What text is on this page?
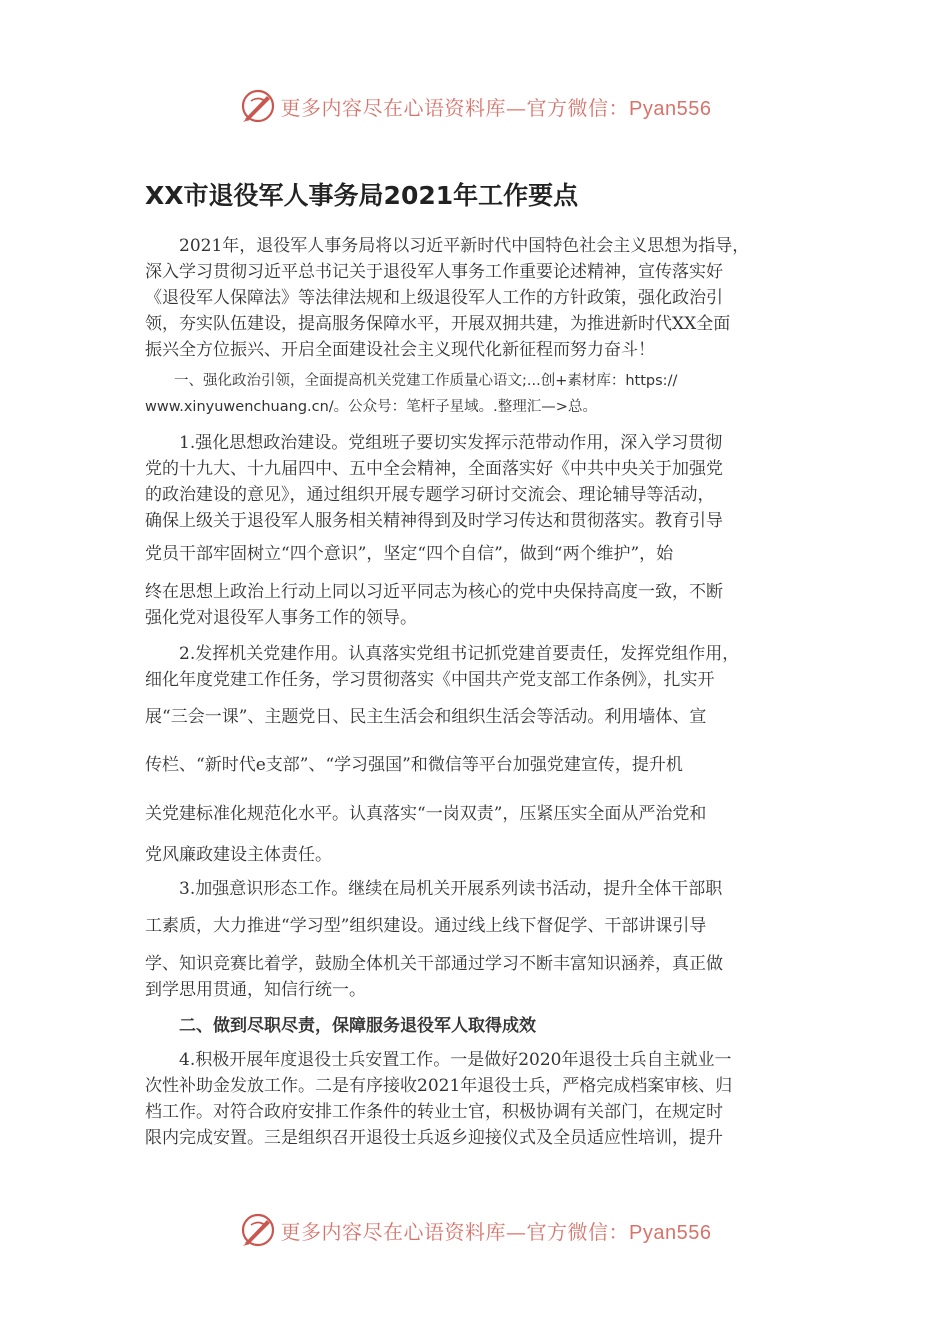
更多内容尽在心语资料库—官方微信：Pyan556
XX市退役军人事务局2021年工作要点
　　2021年，退役军人事务局将以习近平新时代中国特色社会主义思想为指导，
深入学习贯彻习近平总书记关于退役军人事务工作重要论述精神，宣传落实好
《退役军人保障法》等法律法规和上级退役军人工作的方针政策，强化政治引
领，夯实队伍建设，提高服务保障水平，开展双拥共建，为推进新时代XX全面
振兴全方位振兴、开启全面建设社会主义现代化新征程而努力奋斗！
　　一、强化政治引领，全面提高机关党建工作质量心语文;...创+素材库：https://
www.xinyuwenchuang.cn/。公众号：笔杆子星域。.整理汇—>总。
　　1.强化思想政治建设。党组班子要切实发挥示范带动作用，深入学习贯彻
党的十九大、十九届四中、五中全会精神，全面落实好《中共中央关于加强党
的政治建设的意见》，通过组织开展专题学习研讨交流会、理论辅导等活动，
确保上级关于退役军人服务相关精神得到及时学习传达和贯彻落实。教育引导
党员干部牢固树立“四个意识”，坚定“四个自信”，做到“两个维护”，始
终在思想上政治上行动上同以习近平同志为核心的党中央保持高度一致，不断
强化党对退役军人事务工作的领导。
　　2.发挥机关党建作用。认真落实党组书记抓党建首要责任，发挥党组作用，
细化年度党建工作任务，学习贯彻落实《中国共产党支部工作条例》，扎实开
展“三会一课”、主题党日、民主生活会和组织生活会等活动。利用墙体、宣
传栏、“新时代e支部”、“学习强国”和微信等平台加强党建宣传，提升机
关党建标准化规范化水平。认真落实“一岗双责”，压紧压实全面从严治党和
党风廉政建设主体责任。
　　3.加强意识形态工作。继续在局机关开展系列读书活动，提升全体干部职
工素质，大力推进“学习型”组织建设。通过线上线下督促学、干部讲课引导
学、知识竞赛比着学，鼓励全体机关干部通过学习不断丰富知识涵养，真正做
到学思用贯通，知信行统一。
　　二、做到尽职尽责，保障服务退役军人取得成效
　　4.积极开展年度退役士兵安置工作。一是做好2020年退役士兵自主就业一
次性补助金发放工作。二是有序接收2021年退役士兵，严格完成档案审核、归
档工作。对符合政府安排工作条件的转业士官，积极协调有关部门，在规定时
限内完成安置。三是组织召开退役士兵返乡迎接仪式及全员适应性培训，提升
更多内容尽在心语资料库—官方微信：Pyan556
